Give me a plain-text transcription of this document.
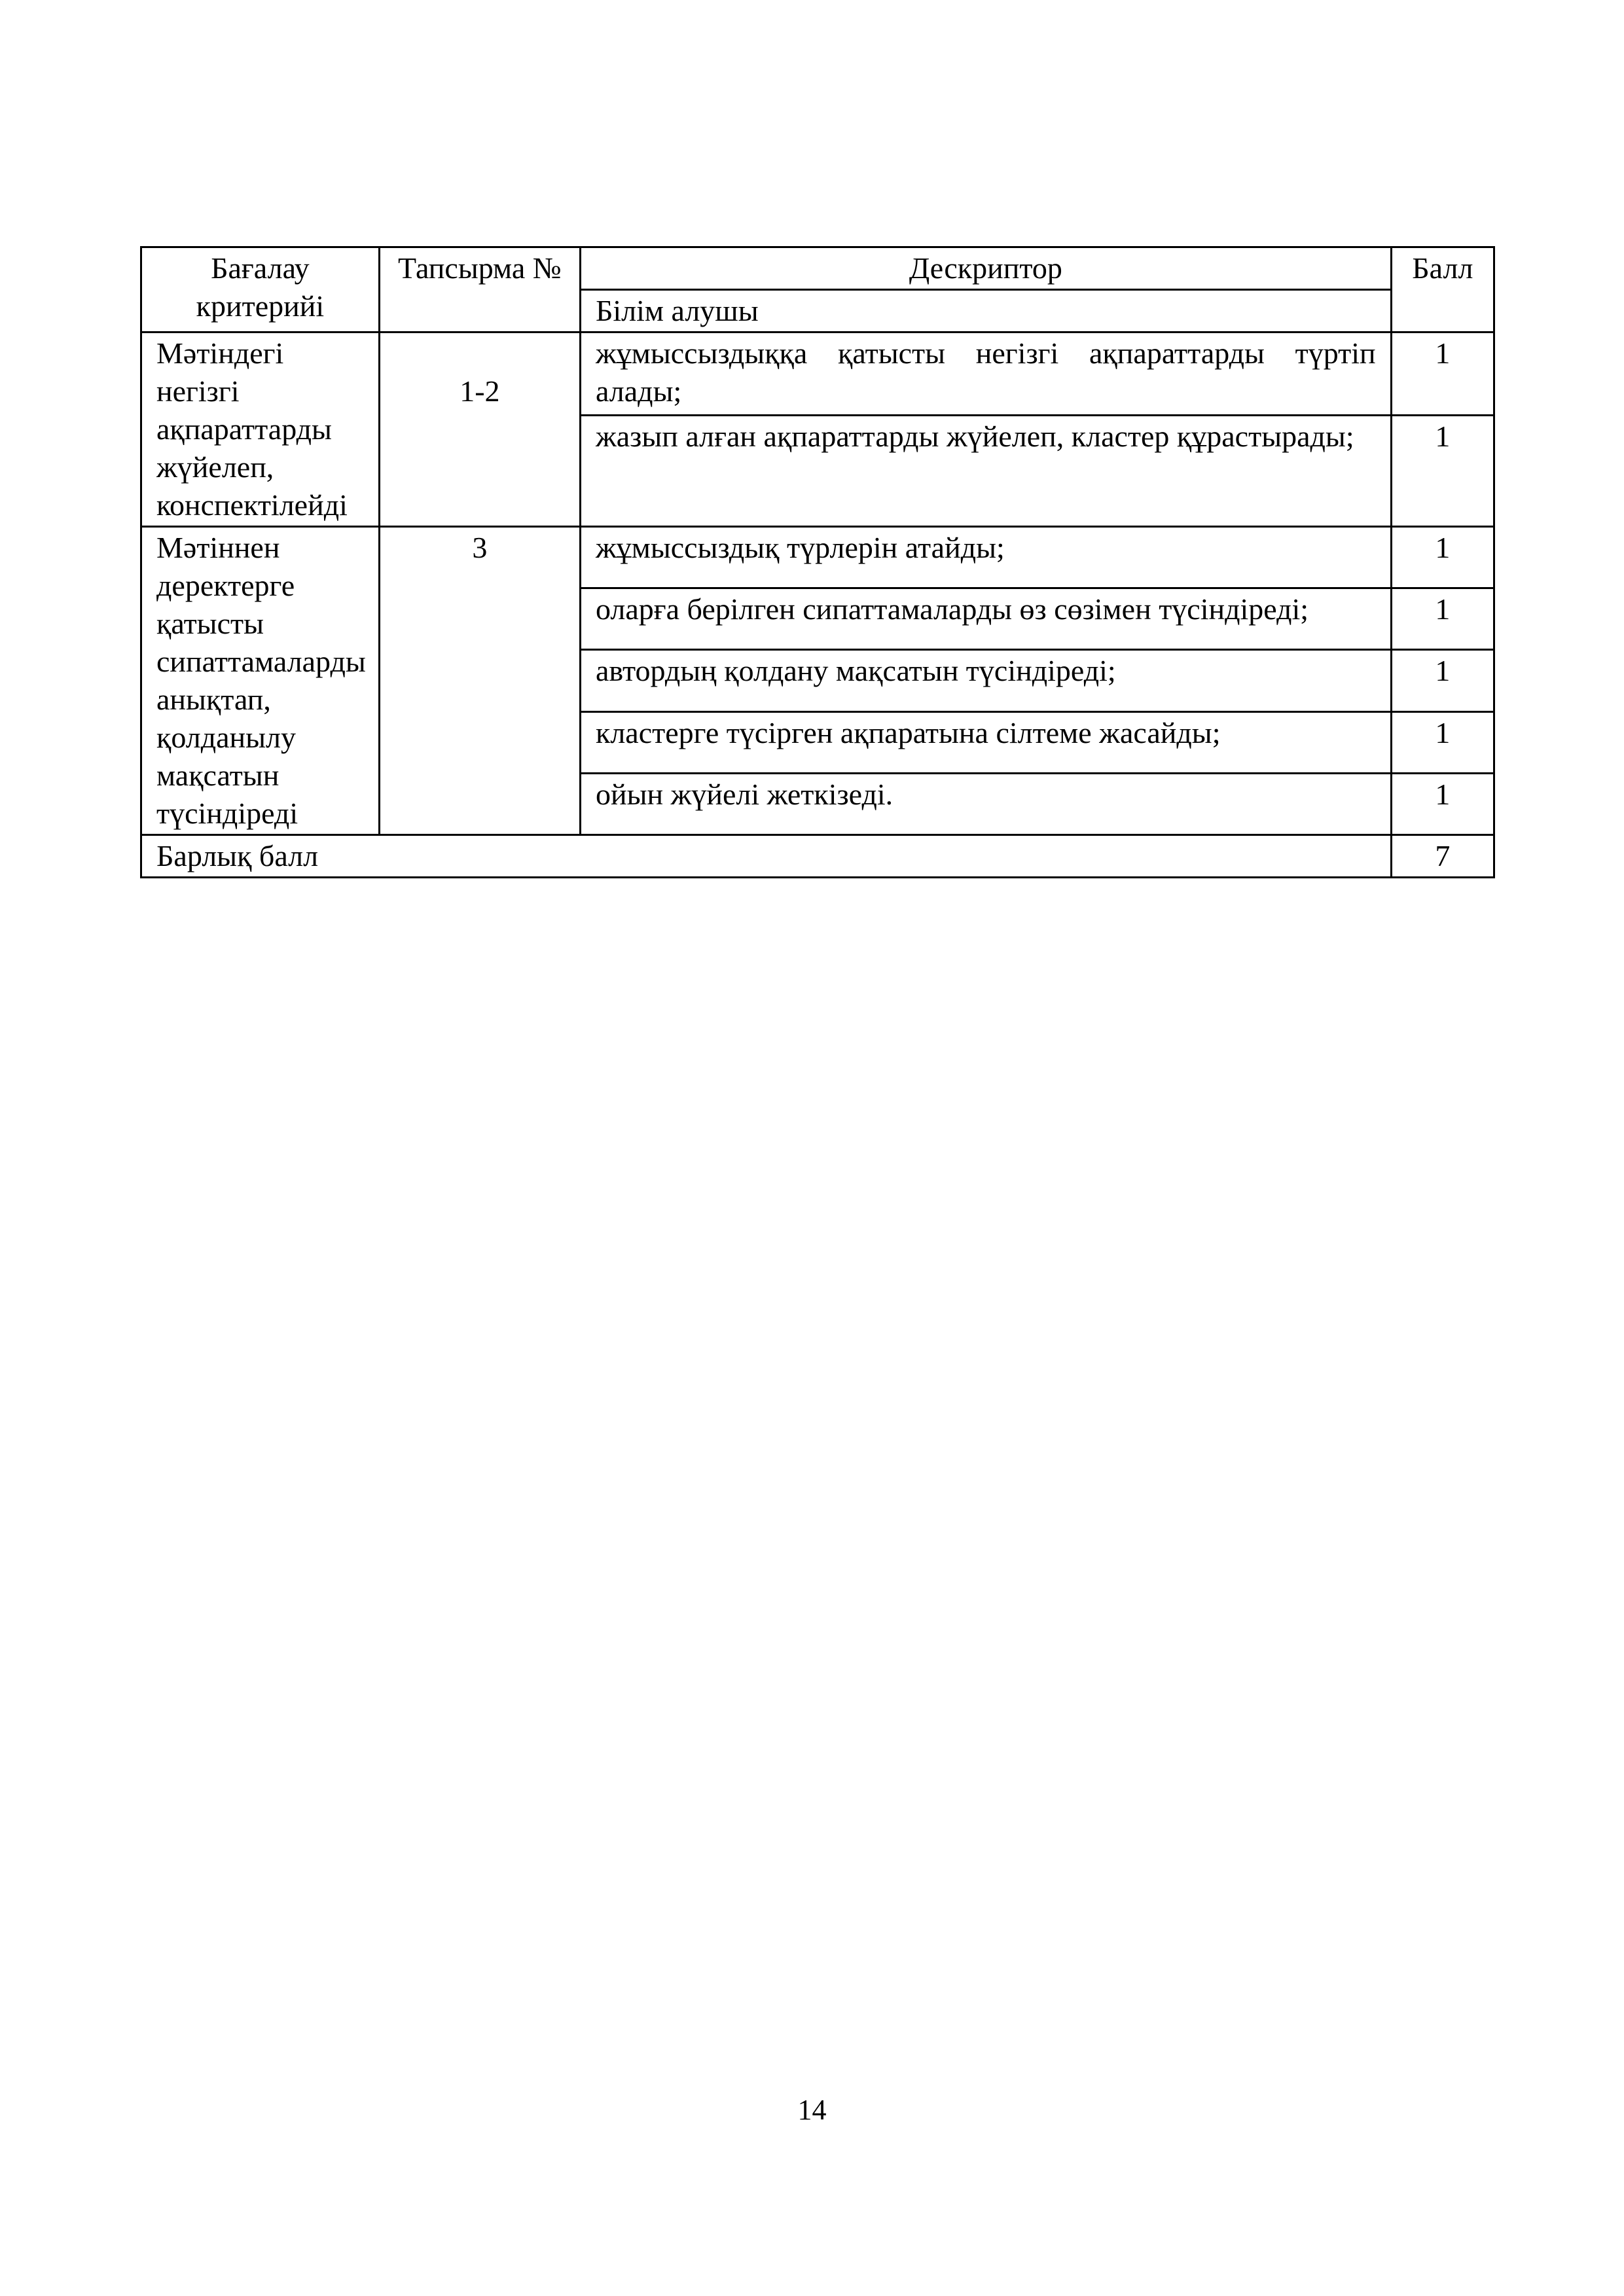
Бағалау критерийі	Тапсырма №	Дескриптор	Балл
		Білім алушы	
Мәтіндегі негізгі ақпараттарды жүйелеп, конспектілейді	1-2	жұмыссыздыққа қатысты негізгі ақпараттарды түртіп алады;	1
		жазып алған ақпараттарды жүйелеп, кластер құрастырады;	1
Мәтіннен деректерге қатысты сипаттамаларды анықтап, қолданылу мақсатын түсіндіреді	3	жұмыссыздық түрлерін атайды;	1
		оларға берілген сипаттамаларды өз сөзімен түсіндіреді;	1
		автордың қолдану мақсатын түсіндіреді;	1
		кластерге түсірген ақпаратына сілтеме жасайды;	1
		ойын жүйелі жеткізеді.	1
Барлық балл			7
14
